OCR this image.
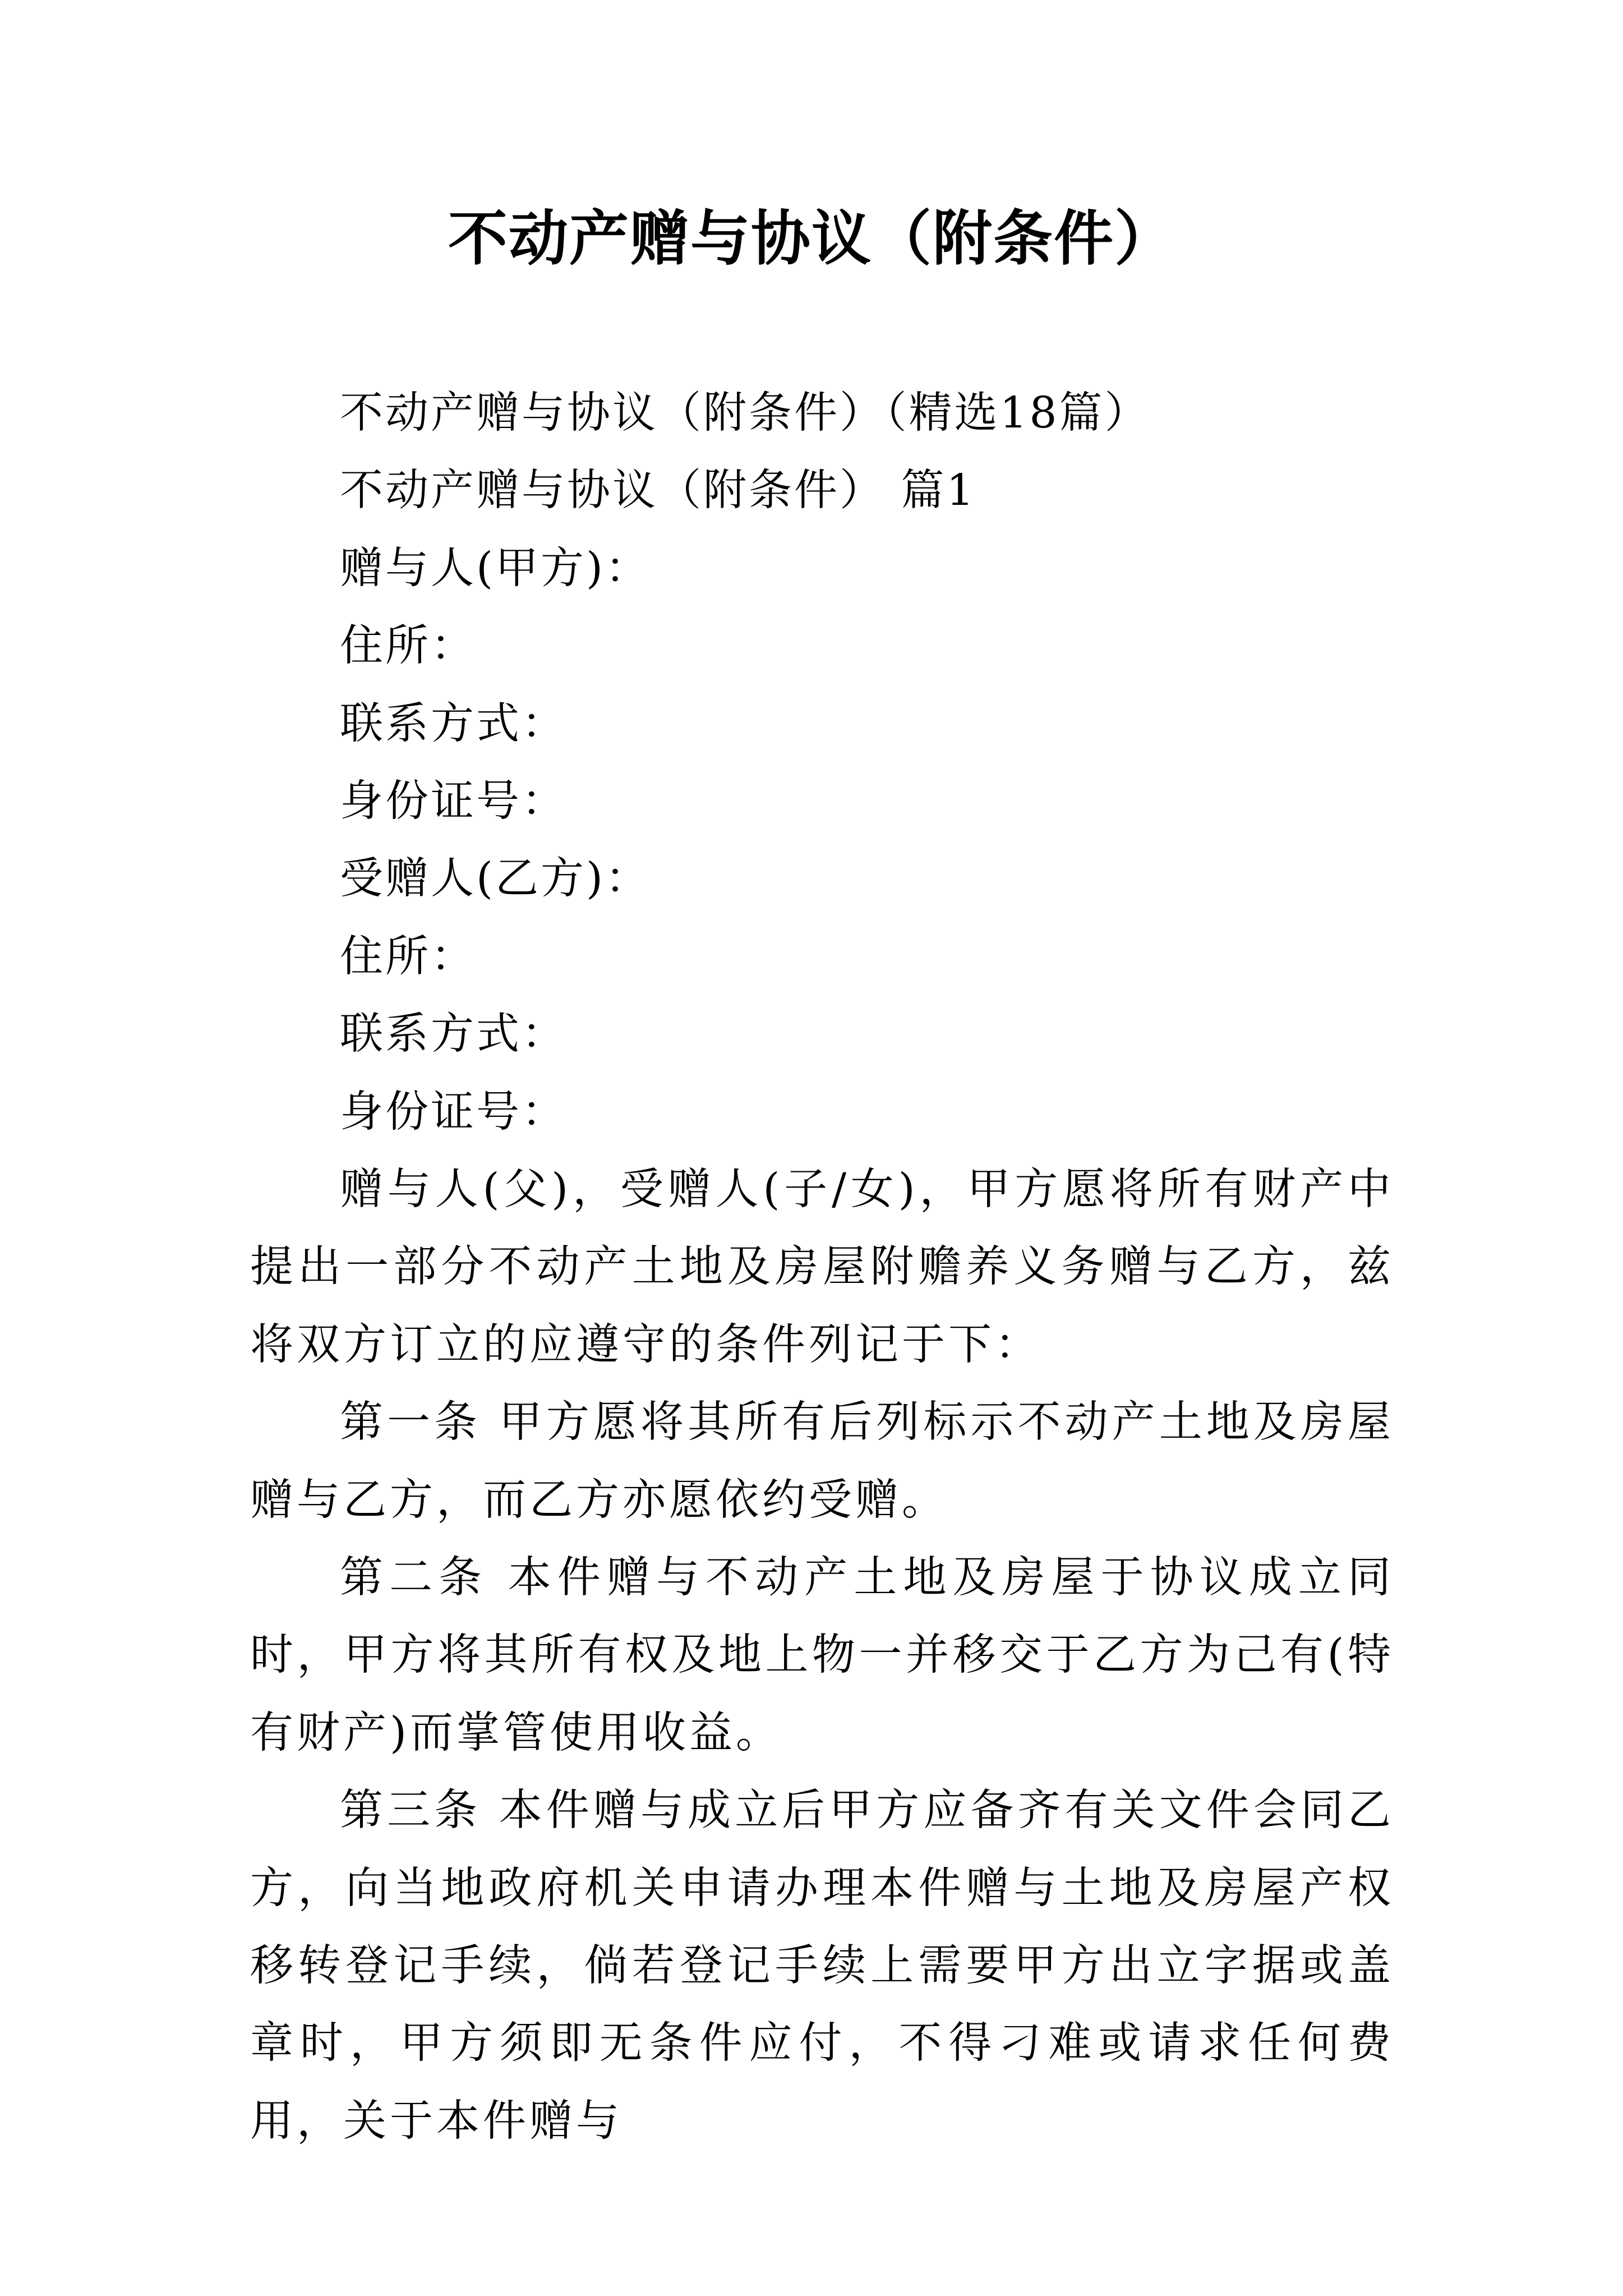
不动产赠与协议（附条件）
不动产赠与协议（附条件）（精选18篇）
不动产赠与协议（附条件） 篇1
赠与人(甲方)：
住所：
联系方式：
身份证号：
受赠人(乙方)：
住所：
联系方式：
身份证号：

赠与人(父)，受赠人(子/女)，甲方愿将所有财产中提出一部分不动产土地及房屋附赡养义务赠与乙方，兹将双方订立的应遵守的条件列记于下：

第一条 甲方愿将其所有后列标示不动产土地及房屋赠与乙方，而乙方亦愿依约受赠。

第二条 本件赠与不动产土地及房屋于协议成立同时，甲方将其所有权及地上物一并移交于乙方为己有(特有财产)而掌管使用收益。

第三条 本件赠与成立后甲方应备齐有关文件会同乙方，向当地政府机关申请办理本件赠与土地及房屋产权移转登记手续，倘若登记手续上需要甲方出立字据或盖章时，甲方须即无条件应付，不得刁难或请求任何费用，关于本件赠与
